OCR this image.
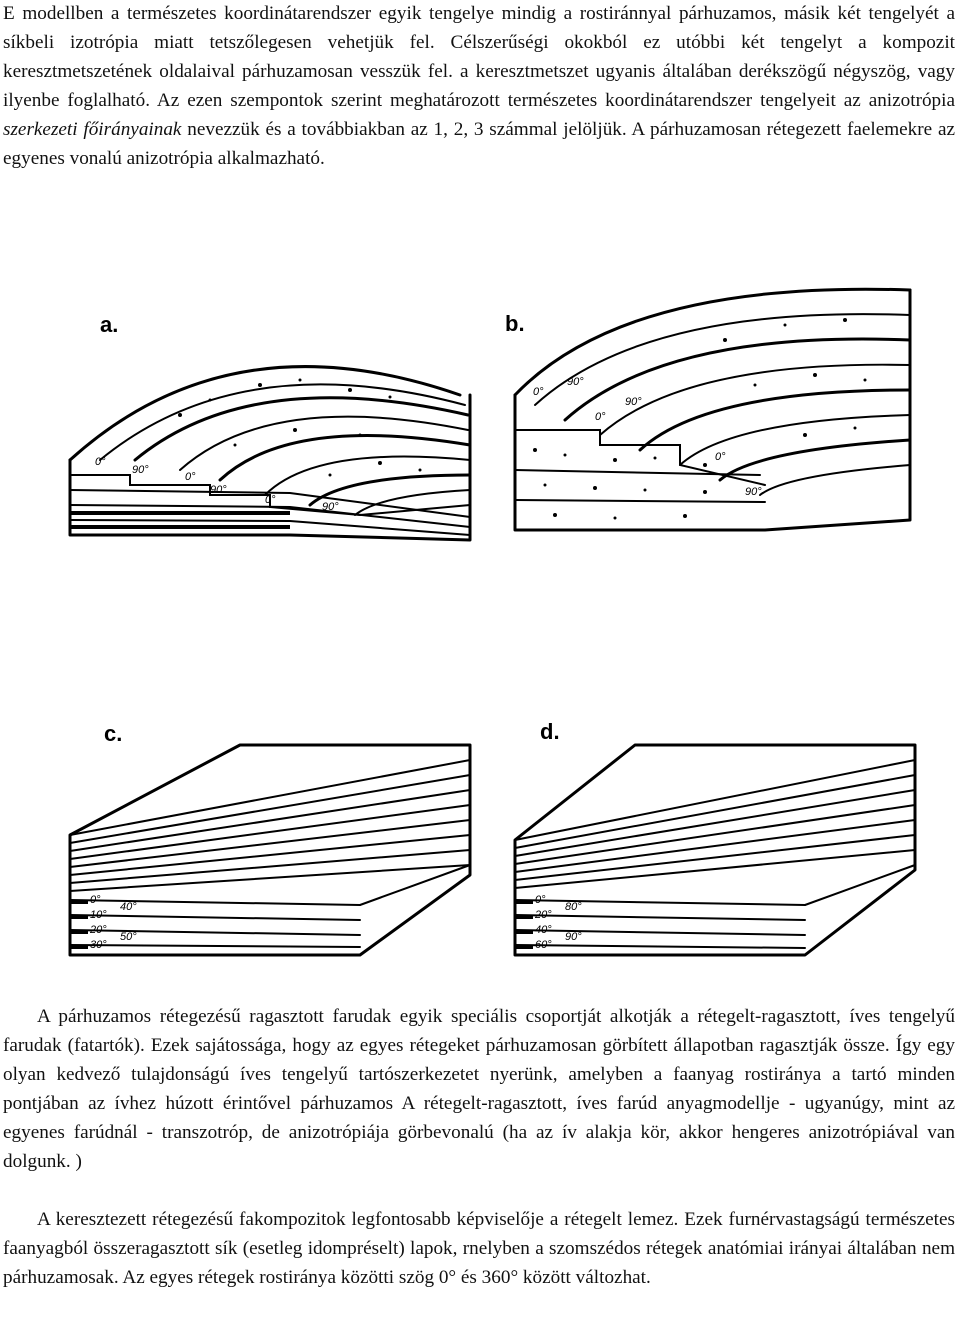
E modellben a természetes koordinátarendszer egyik tengelye mindig a rostiránnyal párhuzamos, másik két tengelyét a síkbeli izotrópia miatt tetszőlegesen vehetjük fel. Célszerűségi okokból ez utóbbi két tengelyt a kompozit keresztmetszetének oldalaival párhuzamosan vesszük fel. a keresztmetszet ugyanis általában derékszögű négyszög, vagy ilyenbe foglalható. Az ezen szempontok szerint meghatározott természetes koordinátarendszer tengelyeit az anizotrópia szerkezeti főirányainak nevezzük és a továbbiakban az 1, 2, 3 számmal jelöljük. A párhuzamosan rétegezett faelemekre az egyenes vonalú anizotrópia alkalmazható.

a.	b.
c.	d.
0°
90°
0°
90°
0°
90°
0°
90°
0°
90°
0°
90°
0°
10°
20°
30°
40°
50°
0°
20°
40°
60°
80°
90°

A párhuzamos rétegezésű ragasztott farudak egyik speciális csoportját alkotják a rétegelt-ragasztott, íves tengelyű farudak (fatartók). Ezek sajátossága, hogy az egyes rétegeket párhuzamosan görbített állapotban ragasztják össze. Így egy olyan kedvező tulajdonságú íves tengelyű tartószerkezetet nyerünk, amelyben a faanyag rostiránya a tartó minden pontjában az ívhez húzott érintővel párhuzamos A rétegelt-ragasztott, íves farúd anyagmodellje - ugyanúgy, mint az egyenes farúdnál - transzotróp, de anizotrópiája görbevonalú (ha az ív alakja kör, akkor hengeres anizotrópiával van dolgunk. )

A keresztezett rétegezésű fakompozitok legfontosabb képviselője a rétegelt lemez. Ezek furnérvastagságú természetes faanyagból összeragasztott sík (esetleg idompréselt) lapok, rnelyben a szomszédos rétegek anatómiai irányai általában nem párhuzamosak. Az egyes rétegek rostiránya közötti szög 0° és 360° között változhat.
